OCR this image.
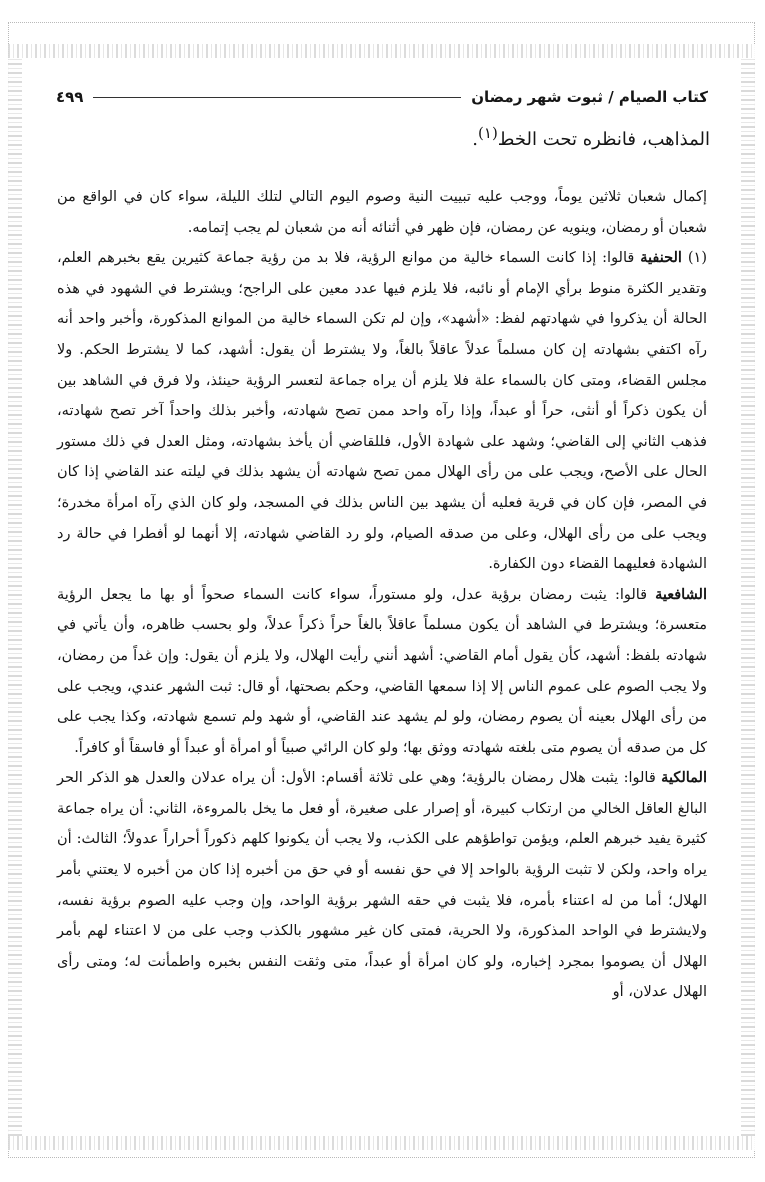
كتاب الصيام / ثبوت شهر رمضان
٤٩٩
المذاهب، فانظره تحت الخط$^{(١)}$.

إكمال شعبان ثلاثين يوماً، ووجب عليه تبييت النية وصوم اليوم التالي لتلك الليلة، سواء كان في الواقع من شعبان أو رمضان، وينويه عن رمضان، فإن ظهر في أثنائه أنه من شعبان لم يجب إتمامه.

(١) الحنفية قالوا: إذا كانت السماء خالية من موانع الرؤية، فلا بد من رؤية جماعة كثيرين يقع بخبرهم العلم، وتقدير الكثرة منوط برأي الإمام أو نائبه، فلا يلزم فيها عدد معين على الراجح؛ ويشترط في الشهود في هذه الحالة أن يذكروا في شهادتهم لفظ: «أشهد»، وإن لم تكن السماء خالية من الموانع المذكورة، وأخبر واحد أنه رآه اكتفي بشهادته إن كان مسلماً عدلاً عاقلاً بالغاً، ولا يشترط أن يقول: أشهد، كما لا يشترط الحكم. ولا مجلس القضاء، ومتى كان بالسماء علة فلا يلزم أن يراه جماعة لتعسر الرؤية حينئذ، ولا فرق في الشاهد بين أن يكون ذكراً أو أنثى، حراً أو عبداً، وإذا رآه واحد ممن تصح شهادته، وأخبر بذلك واحداً آخر تصح شهادته، فذهب الثاني إلى القاضي؛ وشهد على شهادة الأول، فللقاضي أن يأخذ بشهادته، ومثل العدل في ذلك مستور الحال على الأصح، ويجب على من رأى الهلال ممن تصح شهادته أن يشهد بذلك في ليلته عند القاضي إذا كان في المصر، فإن كان في قرية فعليه أن يشهد بين الناس بذلك في المسجد، ولو كان الذي رآه امرأة مخدرة؛ ويجب على من رأى الهلال، وعلى من صدقه الصيام، ولو رد القاضي شهادته، إلا أنهما لو أفطرا في حالة رد الشهادة فعليهما القضاء دون الكفارة.

الشافعية قالوا: يثبت رمضان برؤية عدل، ولو مستوراً، سواء كانت السماء صحواً أو بها ما يجعل الرؤية متعسرة؛ ويشترط في الشاهد أن يكون مسلماً عاقلاً بالغاً حراً ذكراً عدلاً، ولو بحسب ظاهره، وأن يأتي في شهادته بلفظ: أشهد، كأن يقول أمام القاضي: أشهد أنني رأيت الهلال، ولا يلزم أن يقول: وإن غداً من رمضان، ولا يجب الصوم على عموم الناس إلا إذا سمعها القاضي، وحكم بصحتها، أو قال: ثبت الشهر عندي، ويجب على من رأى الهلال بعينه أن يصوم رمضان، ولو لم يشهد عند القاضي، أو شهد ولم تسمع شهادته، وكذا يجب على كل من صدقه أن يصوم متى بلغته شهادته ووثق بها؛ ولو كان الرائي صبياً أو امرأة أو عبداً أو فاسقاً أو كافراً.

المالكية قالوا: يثبت هلال رمضان بالرؤية؛ وهي على ثلاثة أقسام: الأول: أن يراه عدلان والعدل هو الذكر الحر البالغ العاقل الخالي من ارتكاب كبيرة، أو إصرار على صغيرة، أو فعل ما يخل بالمروءة، الثاني: أن يراه جماعة كثيرة يفيد خبرهم العلم، ويؤمن تواطؤهم على الكذب، ولا يجب أن يكونوا كلهم ذكوراً أحراراً عدولاً؛ الثالث: أن يراه واحد، ولكن لا تثبت الرؤية بالواحد إلا في حق نفسه أو في حق من أخبره إذا كان من أخبره لا يعتني بأمر الهلال؛ أما من له اعتناء بأمره، فلا يثبت في حقه الشهر برؤية الواحد، وإن وجب عليه الصوم برؤية نفسه، ولايشترط في الواحد المذكورة، ولا الحرية، فمتى كان غير مشهور بالكذب وجب على من لا اعتناء لهم بأمر الهلال أن يصوموا بمجرد إخباره، ولو كان امرأة أو عبداً، متى وثقت النفس بخبره واطمأنت له؛ ومتى رأى الهلال عدلان، أو
